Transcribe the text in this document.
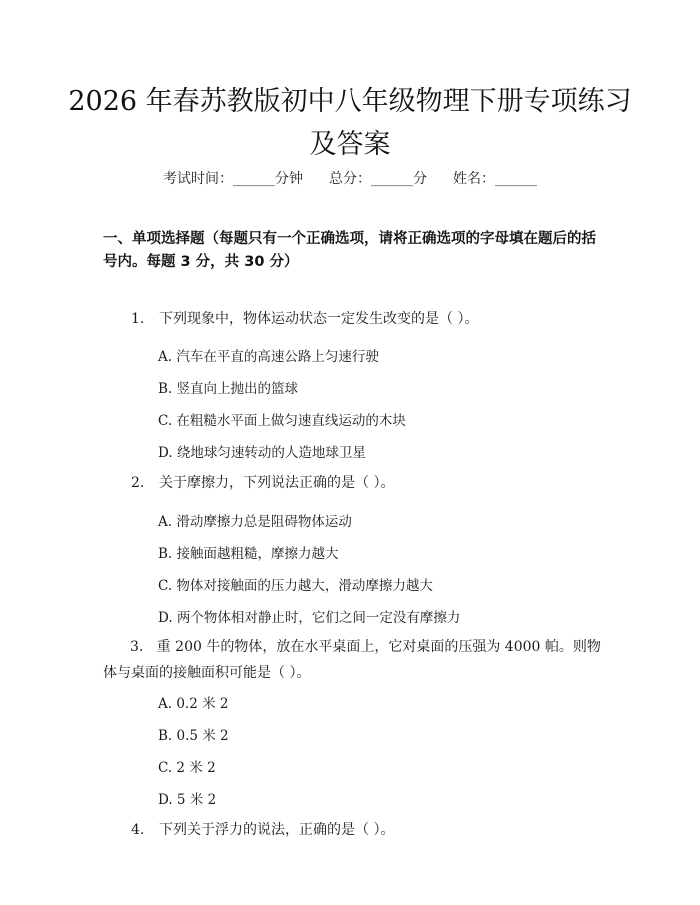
2026 年春苏教版初中八年级物理下册专项练习及答案
考试时间：______分钟 总分：______分 姓名：______
一、单项选择题（每题只有一个正确选项，请将正确选项的字母填在题后的括号内。每题 3 分，共 30 分）
1. 下列现象中，物体运动状态一定发生改变的是（ ）。
A. 汽车在平直的高速公路上匀速行驶
B. 竖直向上抛出的篮球
C. 在粗糙水平面上做匀速直线运动的木块
D. 绕地球匀速转动的人造地球卫星
2. 关于摩擦力，下列说法正确的是（ ）。
A. 滑动摩擦力总是阻碍物体运动
B. 接触面越粗糙，摩擦力越大
C. 物体对接触面的压力越大，滑动摩擦力越大
D. 两个物体相对静止时，它们之间一定没有摩擦力
3. 重 200 牛的物体，放在水平桌面上，它对桌面的压强为 4000 帕。则物体与桌面的接触面积可能是（ ）。
A. 0.2 米 2
B. 0.5 米 2
C. 2 米 2
D. 5 米 2
4. 下列关于浮力的说法，正确的是（ ）。
